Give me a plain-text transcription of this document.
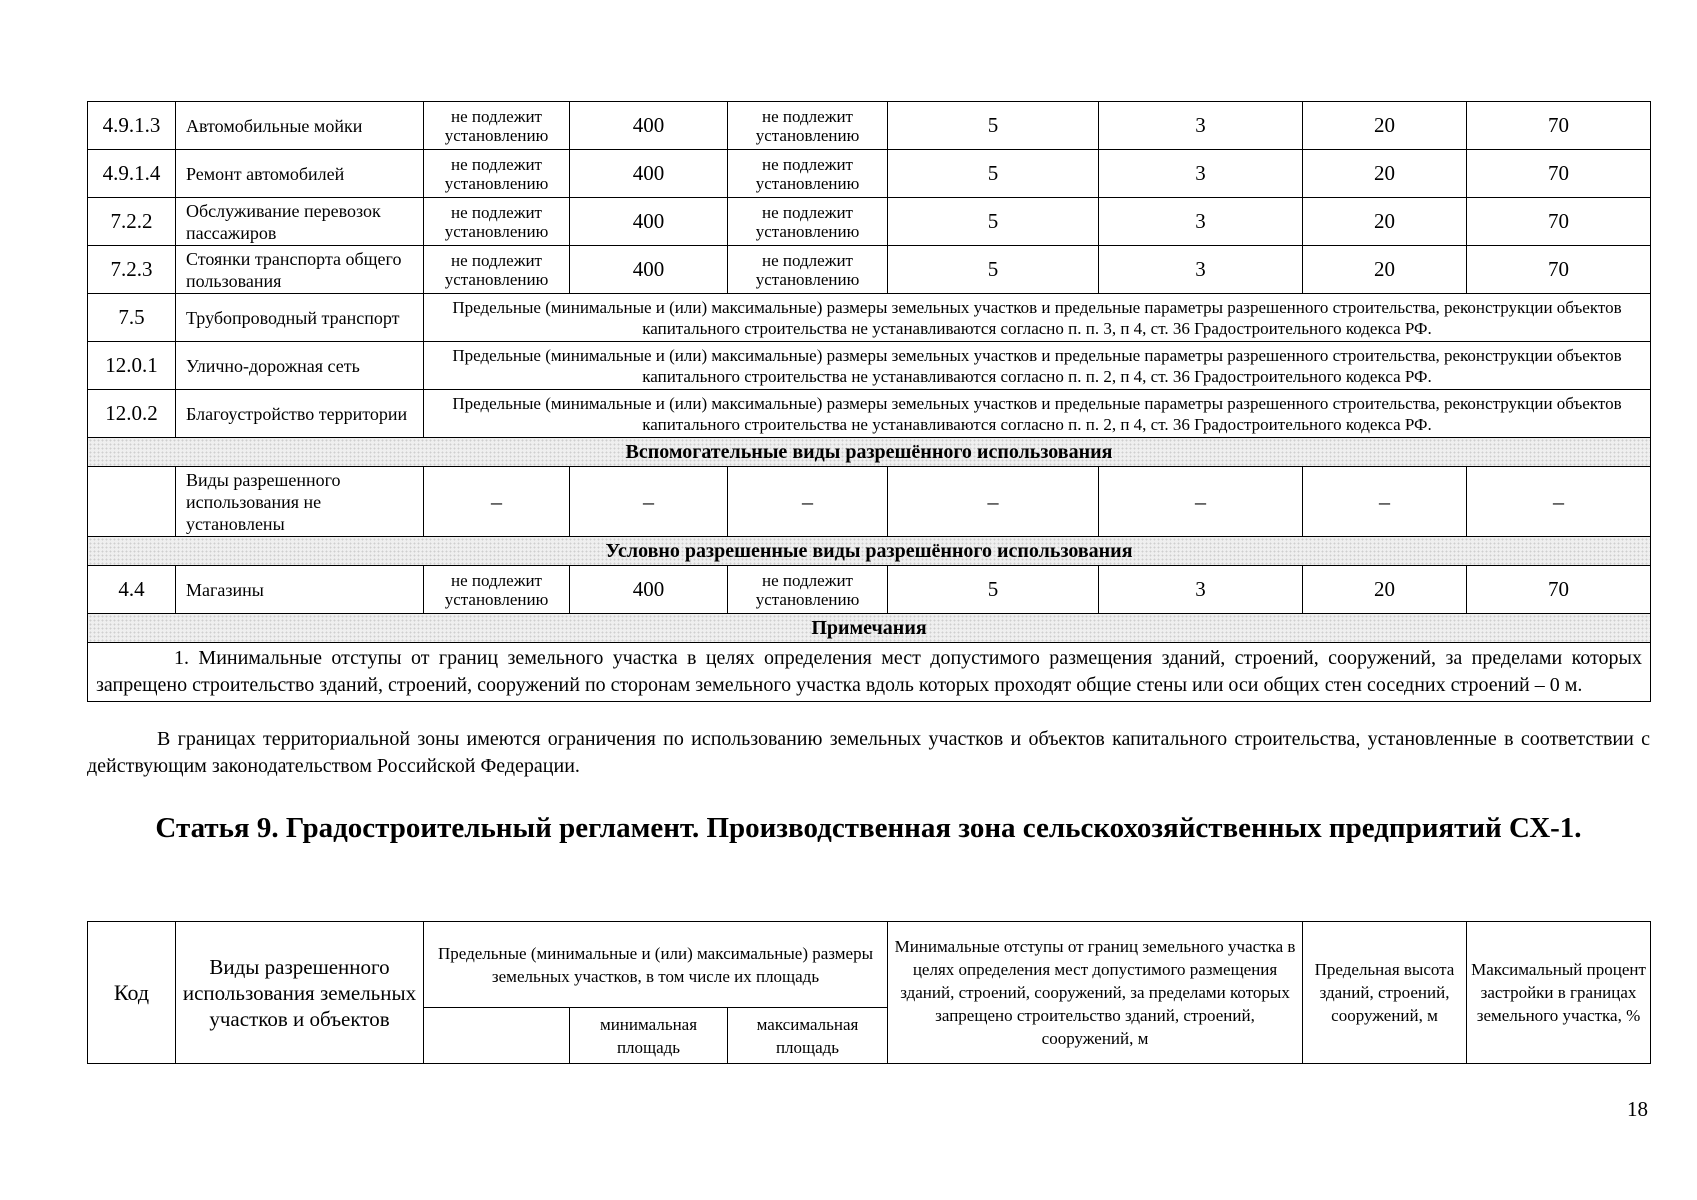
4.9.1.3	Автомобильные мойки	не подлежит установлению	400	не подлежит установлению	5	3	20	70
4.9.1.4	Ремонт автомобилей	не подлежит установлению	400	не подлежит установлению	5	3	20	70
7.2.2	Обслуживание перевозок пассажиров	не подлежит установлению	400	не подлежит установлению	5	3	20	70
7.2.3	Стоянки транспорта общего пользования	не подлежит установлению	400	не подлежит установлению	5	3	20	70
7.5	Трубопроводный транспорт	Предельные (минимальные и (или) максимальные) размеры земельных участков и предельные параметры разрешенного строительства, реконструкции объектов капитального строительства не устанавливаются согласно п. п. 3, п 4, ст. 36 Градостроительного кодекса РФ.						
12.0.1	Улично-дорожная сеть	Предельные (минимальные и (или) максимальные) размеры земельных участков и предельные параметры разрешенного строительства, реконструкции объектов капитального строительства не устанавливаются согласно п. п. 2, п 4, ст. 36 Градостроительного кодекса РФ.						
12.0.2	Благоустройство территории	Предельные (минимальные и (или) максимальные) размеры земельных участков и предельные параметры разрешенного строительства, реконструкции объектов капитального строительства не устанавливаются согласно п. п. 2, п 4, ст. 36 Градостроительного кодекса РФ.						
Вспомогательные виды разрешённого использования								
	Виды разрешенного использования не установлены	–	–	–	–	–	–	–
Условно разрешенные виды разрешённого использования								
4.4	Магазины	не подлежит установлению	400	не подлежит установлению	5	3	20	70
Примечания								
1. Минимальные отступы от границ земельного участка в целях определения мест допустимого размещения зданий, строений, сооружений, за пределами которых запрещено строительство зданий, строений, сооружений по сторонам земельного участка вдоль которых проходят общие стены или оси общих стен соседних строений – 0 м.								

В границах территориальной зоны имеются ограничения по использованию земельных участков и объектов капитального строительства, установленные в соответствии с действующим законодательством Российской Федерации.

Статья 9. Градостроительный регламент. Производственная зона сельскохозяйственных предприятий СХ-1.
Код	Виды разрешенного использования земельных участков и объектов	Предельные (минимальные и (или) максимальные) размеры земельных участков, в том числе их площадь			Минимальные отступы от границ земельного участка в целях определения мест допустимого размещения зданий, строений, сооружений, за пределами которых запрещено строительство зданий, строений, сооружений, м	Предельная высота зданий, строений, сооружений, м	Максимальный процент застройки в границах земельного участка, %
			минимальная площадь	максимальная площадь			
18
